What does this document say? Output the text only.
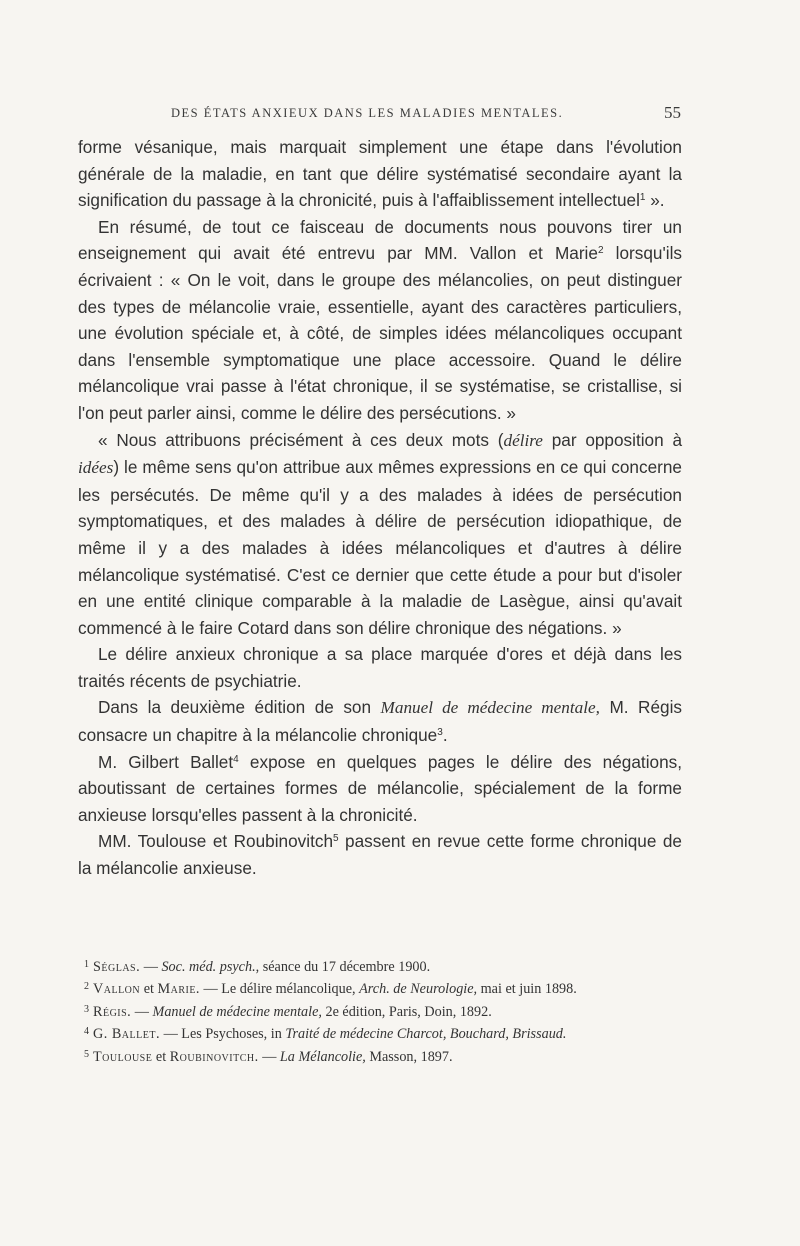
DES ÉTATS ANXIEUX DANS LES MALADIES MENTALES.	55

forme vésanique, mais marquait simplement une étape dans l'évolution générale de la maladie, en tant que délire systématisé secondaire ayant la signification du passage à la chronicité, puis à l'affaiblissement intellectuel$^1$ ».

En résumé, de tout ce faisceau de documents nous pouvons tirer un enseignement qui avait été entrevu par MM. Vallon et Marie$^2$ lorsqu'ils écrivaient : « On le voit, dans le groupe des mélancolies, on peut distinguer des types de mélancolie vraie, essentielle, ayant des caractères particuliers, une évolution spéciale et, à côté, de simples idées mélancoliques occupant dans l'ensemble symptomatique une place accessoire. Quand le délire mélancolique vrai passe à l'état chronique, il se systématise, se cristallise, si l'on peut parler ainsi, comme le délire des persécutions. »

« Nous attribuons précisément à ces deux mots (délire par opposition à idées) le même sens qu'on attribue aux mêmes expressions en ce qui concerne les persécutés. De même qu'il y a des malades à idées de persécution symptomatiques, et des malades à délire de persécution idiopathique, de même il y a des malades à idées mélancoliques et d'autres à délire mélancolique systématisé. C'est ce dernier que cette étude a pour but d'isoler en une entité clinique comparable à la maladie de Lasègue, ainsi qu'avait commencé à le faire Cotard dans son délire chronique des négations. »

Le délire anxieux chronique a sa place marquée d'ores et déjà dans les traités récents de psychiatrie.

Dans la deuxième édition de son Manuel de médecine mentale, M. Régis consacre un chapitre à la mélancolie chronique$^3$.

M. Gilbert Ballet$^4$ expose en quelques pages le délire des négations, aboutissant de certaines formes de mélancolie, spécialement de la forme anxieuse lorsqu'elles passent à la chronicité.

MM. Toulouse et Roubinovitch$^5$ passent en revue cette forme chronique de la mélancolie anxieuse.

$^1$ Séglas. — Soc. méd. psych., séance du 17 décembre 1900.

$^2$ Vallon et Marie. — Le délire mélancolique, Arch. de Neurologie, mai et juin 1898.

$^3$ Régis. — Manuel de médecine mentale, 2e édition, Paris, Doin, 1892.

$^4$ G. Ballet. — Les Psychoses, in Traité de médecine Charcot, Bouchard, Brissaud.

$^5$ Toulouse et Roubinovitch. — La Mélancolie, Masson, 1897.
